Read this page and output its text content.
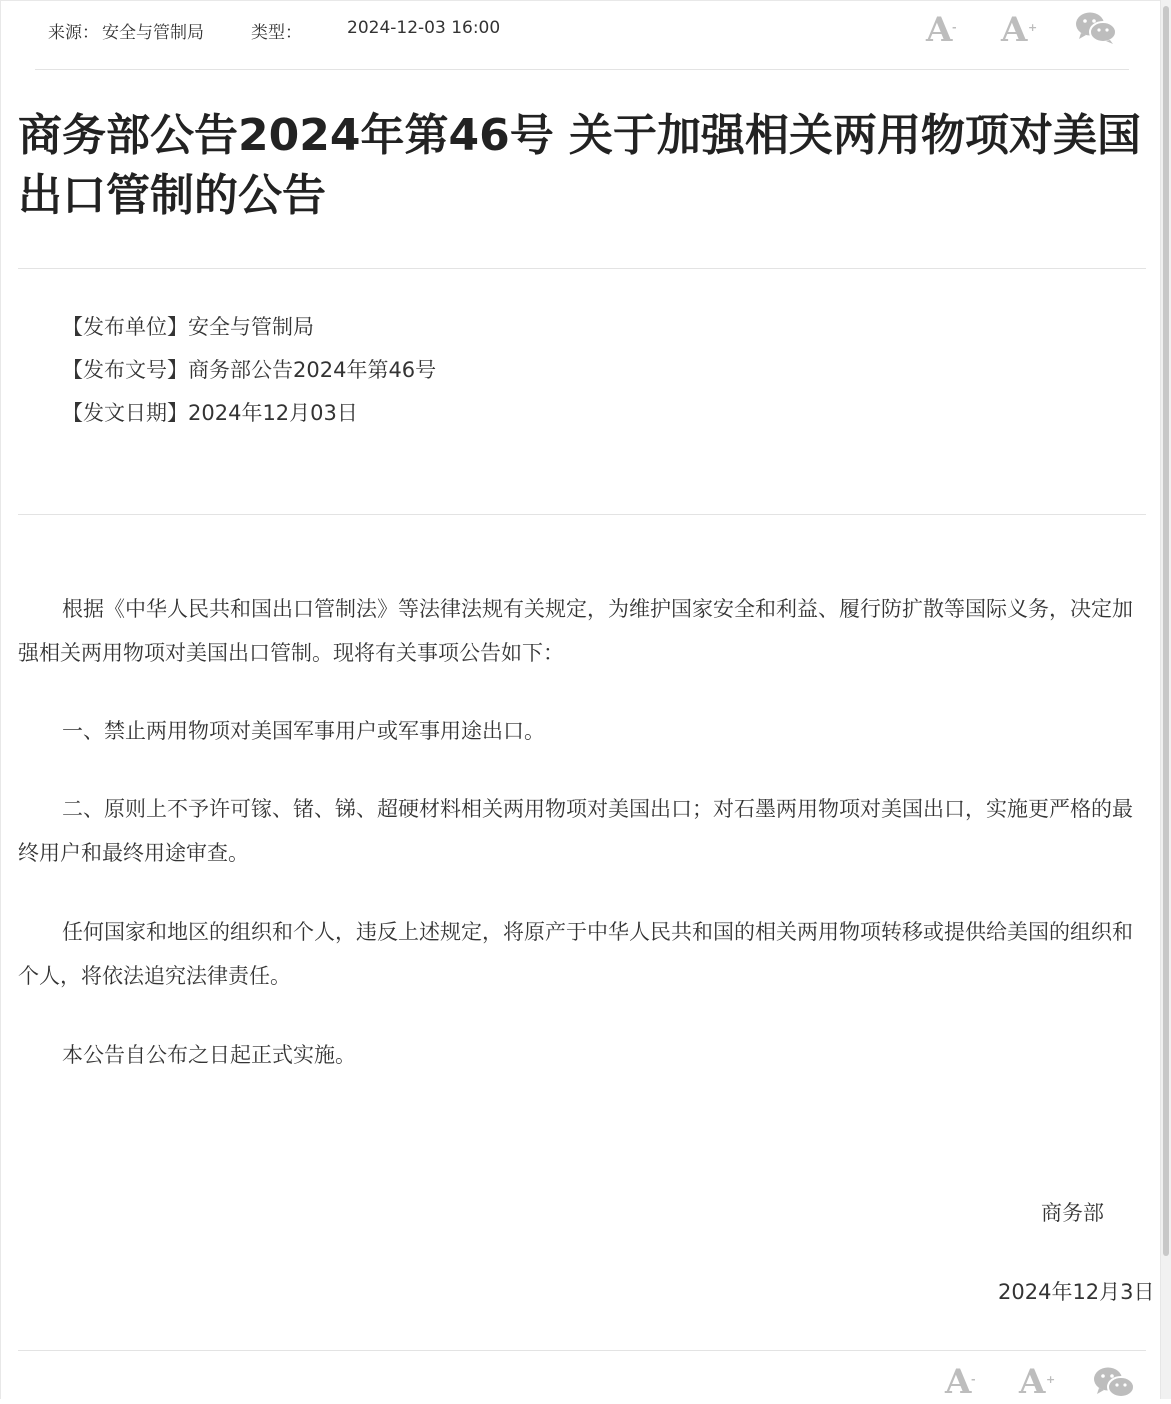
来源： 安全与管制局	类型：	2024-12-03 16:00	A - A +
商务部公告2024年第46号 关于加强相关两用物项对美国出口管制的公告
【发布单位】安全与管制局
【发布文号】商务部公告2024年第46号
【发文日期】2024年12月03日

根据《中华人民共和国出口管制法》等法律法规有关规定，为维护国家安全和利益、履行防扩散等国际义务，决定加强相关两用物项对美国出口管制。现将有关事项公告如下：

一、禁止两用物项对美国军事用户或军事用途出口。

二、原则上不予许可镓、锗、锑、超硬材料相关两用物项对美国出口；对石墨两用物项对美国出口，实施更严格的最终用户和最终用途审查。

任何国家和地区的组织和个人，违反上述规定，将原产于中华人民共和国的相关两用物项转移或提供给美国的组织和个人，将依法追究法律责任。

本公告自公布之日起正式实施。

商务部
2024年12月3日
A - A +
